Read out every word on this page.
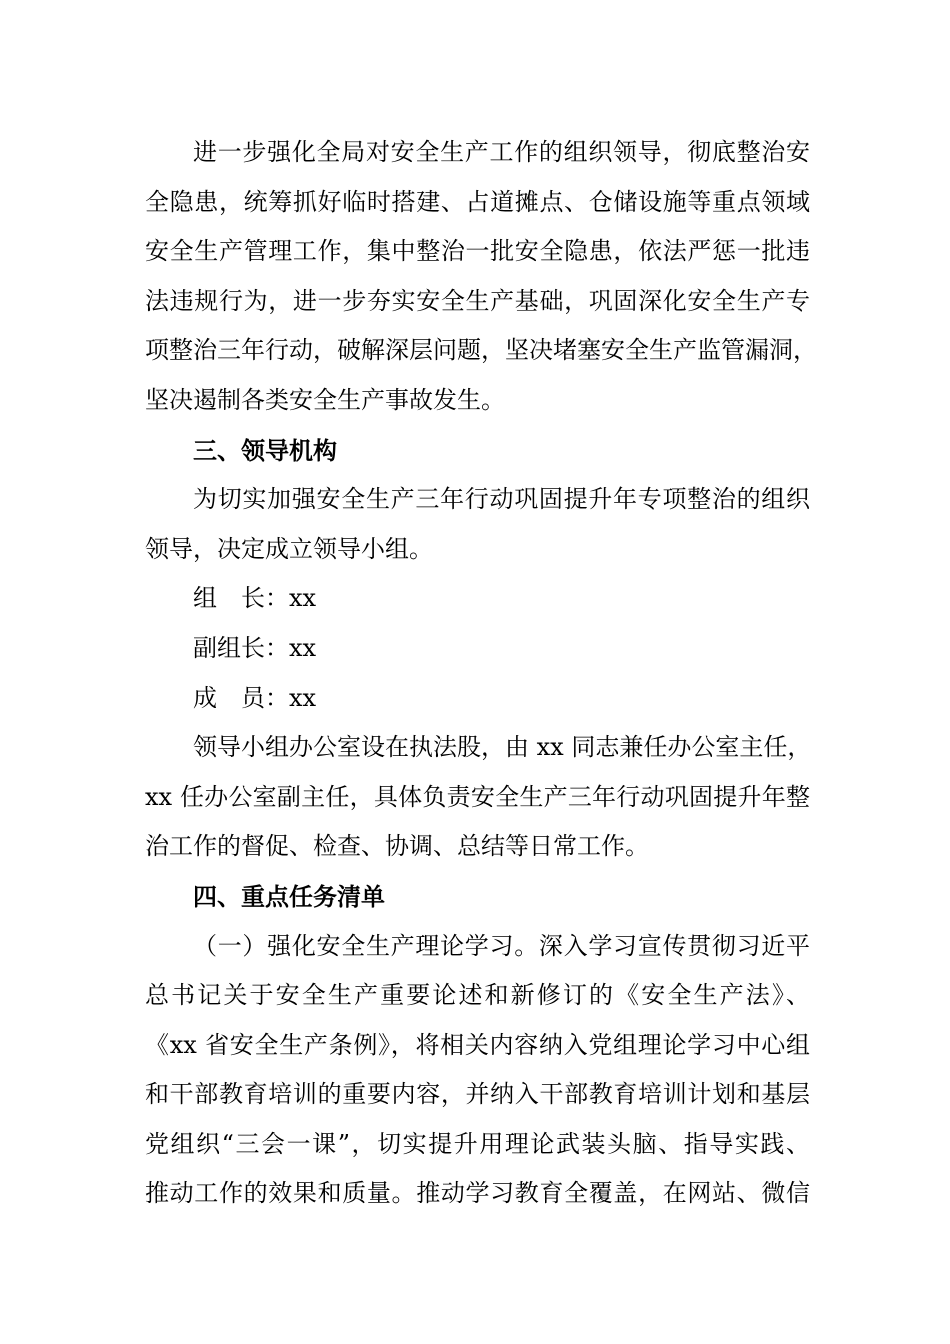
进一步强化全局对安全生产工作的组织领导，彻底整治安
全隐患，统筹抓好临时搭建、占道摊点、仓储设施等重点领域
安全生产管理工作，集中整治一批安全隐患，依法严惩一批违
法违规行为，进一步夯实安全生产基础，巩固深化安全生产专
项整治三年行动，破解深层问题，坚决堵塞安全生产监管漏洞，
坚决遏制各类安全生产事故发生。
三、领导机构
为切实加强安全生产三年行动巩固提升年专项整治的组织
领导，决定成立领导小组。
组　长：xx
副组长：xx
成　员：xx
领导小组办公室设在执法股，由 xx 同志兼任办公室主任，
xx 任办公室副主任，具体负责安全生产三年行动巩固提升年整
治工作的督促、检查、协调、总结等日常工作。
四、重点任务清单
（一）强化安全生产理论学习。深入学习宣传贯彻习近平
总书记关于安全生产重要论述和新修订的《安全生产法》、
《xx 省安全生产条例》，将相关内容纳入党组理论学习中心组
和干部教育培训的重要内容，并纳入干部教育培训计划和基层
党组织“三会一课”，切实提升用理论武装头脑、指导实践、
推动工作的效果和质量。推动学习教育全覆盖，在网站、微信
